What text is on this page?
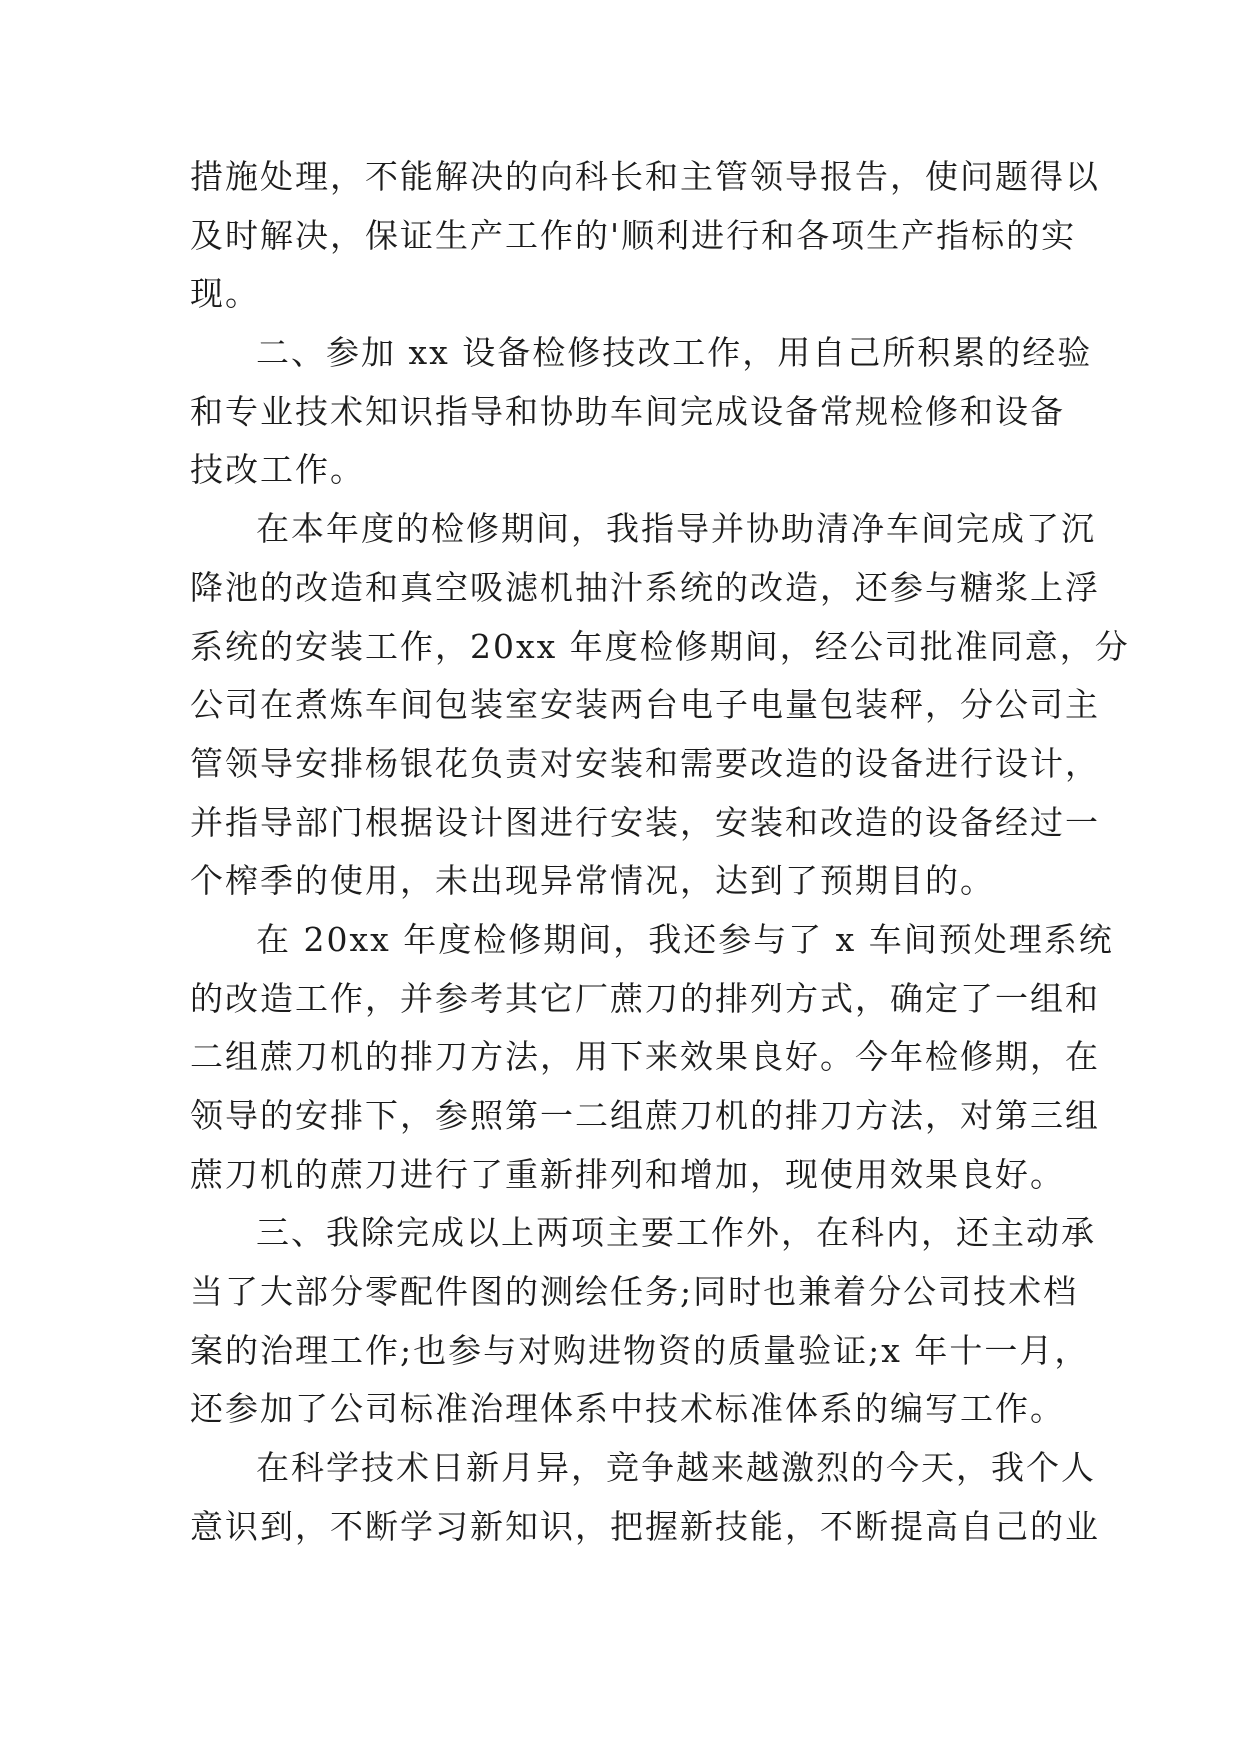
措施处理，不能解决的向科长和主管领导报告，使问题得以
及时解决，保证生产工作的'顺利进行和各项生产指标的实
现。
二、参加 xx 设备检修技改工作，用自己所积累的经验
和专业技术知识指导和协助车间完成设备常规检修和设备
技改工作。
在本年度的检修期间，我指导并协助清净车间完成了沉
降池的改造和真空吸滤机抽汁系统的改造，还参与糖浆上浮
系统的安装工作，20xx 年度检修期间，经公司批准同意，分
公司在煮炼车间包装室安装两台电子电量包装秤，分公司主
管领导安排杨银花负责对安装和需要改造的设备进行设计，
并指导部门根据设计图进行安装，安装和改造的设备经过一
个榨季的使用，未出现异常情况，达到了预期目的。
在 20xx 年度检修期间，我还参与了 x 车间预处理系统
的改造工作，并参考其它厂蔗刀的排列方式，确定了一组和
二组蔗刀机的排刀方法，用下来效果良好。今年检修期，在
领导的安排下，参照第一二组蔗刀机的排刀方法，对第三组
蔗刀机的蔗刀进行了重新排列和增加，现使用效果良好。
三、我除完成以上两项主要工作外，在科内，还主动承
当了大部分零配件图的测绘任务;同时也兼着分公司技术档
案的治理工作;也参与对购进物资的质量验证;x 年十一月，
还参加了公司标准治理体系中技术标准体系的编写工作。
在科学技术日新月异，竞争越来越激烈的今天，我个人
意识到，不断学习新知识，把握新技能，不断提高自己的业
